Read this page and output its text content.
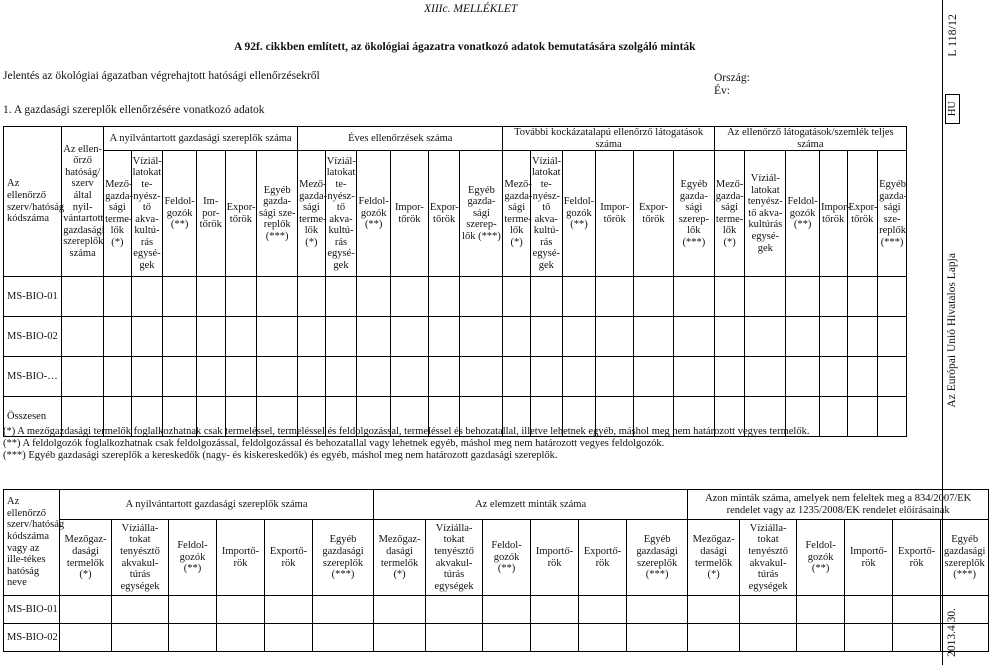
XIIIc. MELLÉKLET
A 92f. cikkben említett, az ökológiai ágazatra vonatkozó adatok bemutatására szolgáló minták
Jelentés az ökológiai ágazatban végrehajtott hatósági ellenőrzésekről	Ország:
Év:
1. A gazdasági szereplők ellenőrzésére vonatkozó adatok
L 118/12
HU
Az Európai Unió Hivatalos Lapja
2013.4.30.
Az ellenőrző szerv/hatóság kódszáma	Az ellen-őrző hatóság/ szerv által nyil-vántartott gazdasági szereplők száma	A nyilvántartott gazdasági szereplők száma						Éves ellenőrzések száma						További kockázatalapú ellenőrző látogatások száma						Az ellenőrző látogatások/szemlék teljes száma					
		Mező-gazda-sági terme-lők (*)	Víziál-latokat te-nyész-tő akva-kultú-rás egysé-gek	Feldol-gozók (**)	Im-por-tőrök	Expor-tőrök	Egyéb gazda-sági sze-replők (***)	Mező-gazda-sági terme-lők (*)	Víziál-latokat te-nyész-tő akva-kultú-rás egysé-gek	Feldol-gozók (**)	Impor-tőrök	Expor-tőrök	Egyéb gazda-sági szerep-lők (***)	Mező-gazda-sági terme-lők (*)	Víziál-latokat te-nyész-tő akva-kultú-rás egysé-gek	Feldol-gozók (**)	Impor-tőrök	Expor-tőrök	Egyéb gazda-sági szerep-lők (***)	Mező-gazda-sági terme-lők (*)	Víziál-latokat tenyész-tő akva-kultúrás egysé-gek	Feldol-gozók (**)	Impor-tőrök	Expor-tőrök	Egyéb gazda-sági sze-replők (***)
MS-BIO-01																									
MS-BIO-02																									
MS-BIO-…																									
Összesen																									
(*) A mezőgazdasági termelők foglalkozhatnak csak termeléssel, termeléssel és feldolgozással, termeléssel és behozatallal, illetve lehetnek egyéb, máshol meg nem határozott vegyes termelők.
(**) A feldolgozók foglalkozhatnak csak feldolgozással, feldolgozással és behozatallal vagy lehetnek egyéb, máshol meg nem határozott vegyes feldolgozók.
(***) Egyéb gazdasági szereplők a kereskedők (nagy- és kiskereskedők) és egyéb, máshol meg nem határozott gazdasági szereplők.
Az ellenőrző szerv/hatóság kódszáma vagy az ille-tékes hatóság neve	A nyilvántartott gazdasági szereplők száma						Az elemzett minták száma						Azon minták száma, amelyek nem feleltek meg a 834/2007/EK rendelet vagy az 1235/2008/EK rendelet előírásainak					
	Mezőgaz-dasági termelők (*)	Víziálla-tokat tenyésztő akvakul-túrás egységek	Feldol-gozók (**)	Importő-rök	Exportő-rök	Egyéb gazdasági szereplők (***)	Mezőgaz-dasági termelők (*)	Víziálla-tokat tenyésztő akvakul-túrás egységek	Feldol-gozók (**)	Importő-rök	Exportő-rök	Egyéb gazdasági szereplők (***)	Mezőgaz-dasági termelők (*)	Víziálla-tokat tenyésztő akvakul-túrás egységek	Feldol-gozók (**)	Importő-rök	Exportő-rök	Egyéb gazdasági szereplők (***)
MS-BIO-01																		
MS-BIO-02																		
